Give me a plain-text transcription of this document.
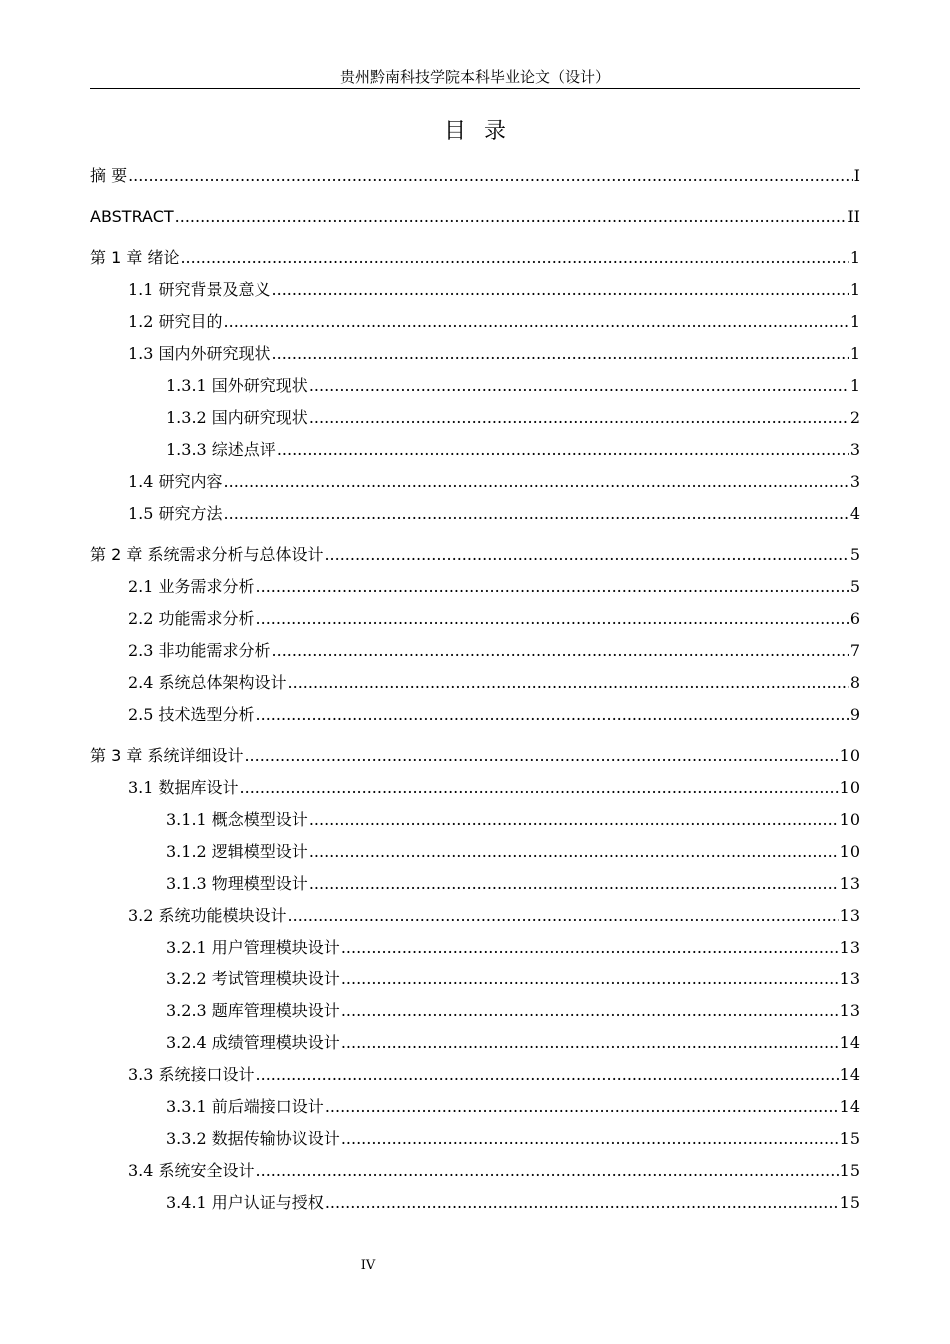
贵州黔南科技学院本科毕业论文（设计）
目录
摘 要 .....	I
ABSTRACT .....	II
第 1 章 绪论 .....	1
1.1 研究背景及意义 .....	1
1.2 研究目的 .....	1
1.3 国内外研究现状 .....	1
1.3.1 国外研究现状 .....	1
1.3.2 国内研究现状 .....	2
1.3.3 综述点评 .....	3
1.4 研究内容 .....	3
1.5 研究方法 .....	4
第 2 章 系统需求分析与总体设计 .....	5
2.1 业务需求分析 .....	5
2.2 功能需求分析 .....	6
2.3 非功能需求分析 .....	7
2.4 系统总体架构设计 .....	8
2.5 技术选型分析 .....	9
第 3 章 系统详细设计 .....	10
3.1 数据库设计 .....	10
3.1.1 概念模型设计 .....	10
3.1.2 逻辑模型设计 .....	10
3.1.3 物理模型设计 .....	13
3.2 系统功能模块设计 .....	13
3.2.1 用户管理模块设计 .....	13
3.2.2 考试管理模块设计 .....	13
3.2.3 题库管理模块设计 .....	13
3.2.4 成绩管理模块设计 .....	14
3.3 系统接口设计 .....	14
3.3.1 前后端接口设计 .....	14
3.3.2 数据传输协议设计 .....	15
3.4 系统安全设计 .....	15
3.4.1 用户认证与授权 .....	15
IV
